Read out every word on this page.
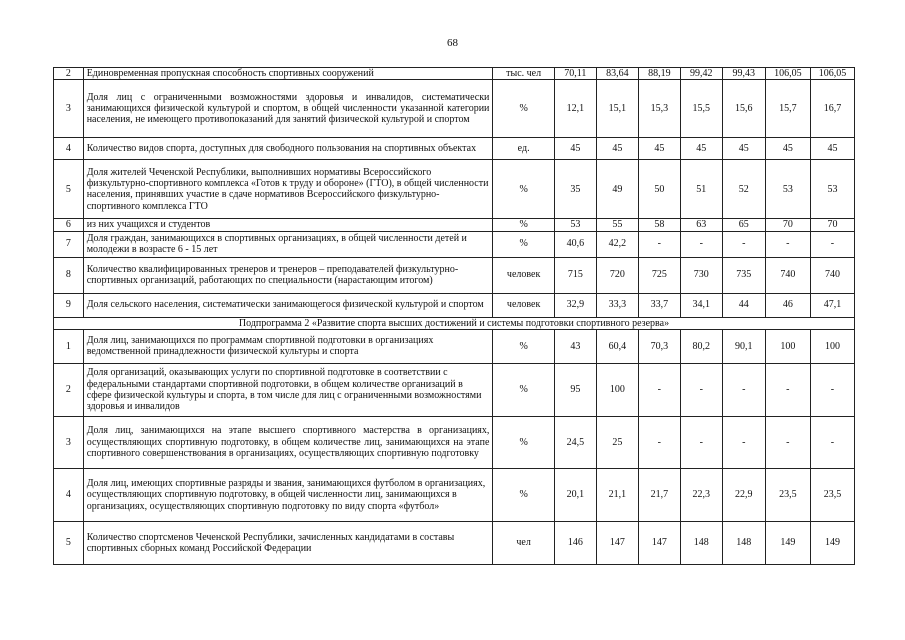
68
2	Единовременная пропускная способность спортивных сооружений	тыс. чел	70,11	83,64	88,19	99,42	99,43	106,05	106,05
3	Доля лиц с ограниченными возможностями здоровья и инвалидов, систематически занимающихся физической культурой и спортом, в общей численности указанной категории населения, не имеющего противопоказаний для занятий физической культурой и спортом	%	12,1	15,1	15,3	15,5	15,6	15,7	16,7
4	Количество видов спорта, доступных для свободного пользования на спортивных объектах	ед.	45	45	45	45	45	45	45
5	Доля жителей Чеченской Республики, выполнивших нормативы Всероссийского физкультурно-спортивного комплекса «Готов к труду и обороне» (ГТО), в общей численности населения, принявших участие в сдаче нормативов Всероссийского физкультурно-спортивного комплекса ГТО	%	35	49	50	51	52	53	53
6	из них учащихся и студентов	%	53	55	58	63	65	70	70
7	Доля граждан, занимающихся в спортивных организациях, в общей численности детей и молодежи в возрасте 6 - 15 лет	%	40,6	42,2	-	-	-	-	-
8	Количество квалифицированных тренеров и тренеров – преподавателей физкультурно-спортивных организаций, работающих по специальности (нарастающим итогом)	человек	715	720	725	730	735	740	740
9	Доля сельского населения, систематически занимающегося физической культурой и спортом	человек	32,9	33,3	33,7	34,1	44	46	47,1
Подпрограмма 2 «Развитие спорта высших достижений и системы подготовки спортивного резерва»									
1	Доля лиц, занимающихся по программам спортивной подготовки в организациях ведомственной принадлежности физической культуры и спорта	%	43	60,4	70,3	80,2	90,1	100	100
2	Доля организаций, оказывающих услуги по спортивной подготовке в соответствии с федеральными стандартами спортивной подготовки, в общем количестве организаций в сфере физической культуры и спорта, в том числе для лиц с ограниченными возможностями здоровья и инвалидов	%	95	100	-	-	-	-	-
3	Доля лиц, занимающихся на этапе высшего спортивного мастерства в организациях, осуществляющих спортивную подготовку, в общем количестве лиц, занимающихся на этапе спортивного совершенствования в организациях, осуществляющих спортивную подготовку	%	24,5	25	-	-	-	-	-
4	Доля лиц, имеющих спортивные разряды и звания, занимающихся футболом в организациях, осуществляющих спортивную подготовку, в общей численности лиц, занимающихся в организациях, осуществляющих спортивную подготовку по виду спорта «футбол»	%	20,1	21,1	21,7	22,3	22,9	23,5	23,5
5	Количество спортсменов Чеченской Республики, зачисленных кандидатами в составы спортивных сборных команд Российской Федерации	чел	146	147	147	148	148	149	149
